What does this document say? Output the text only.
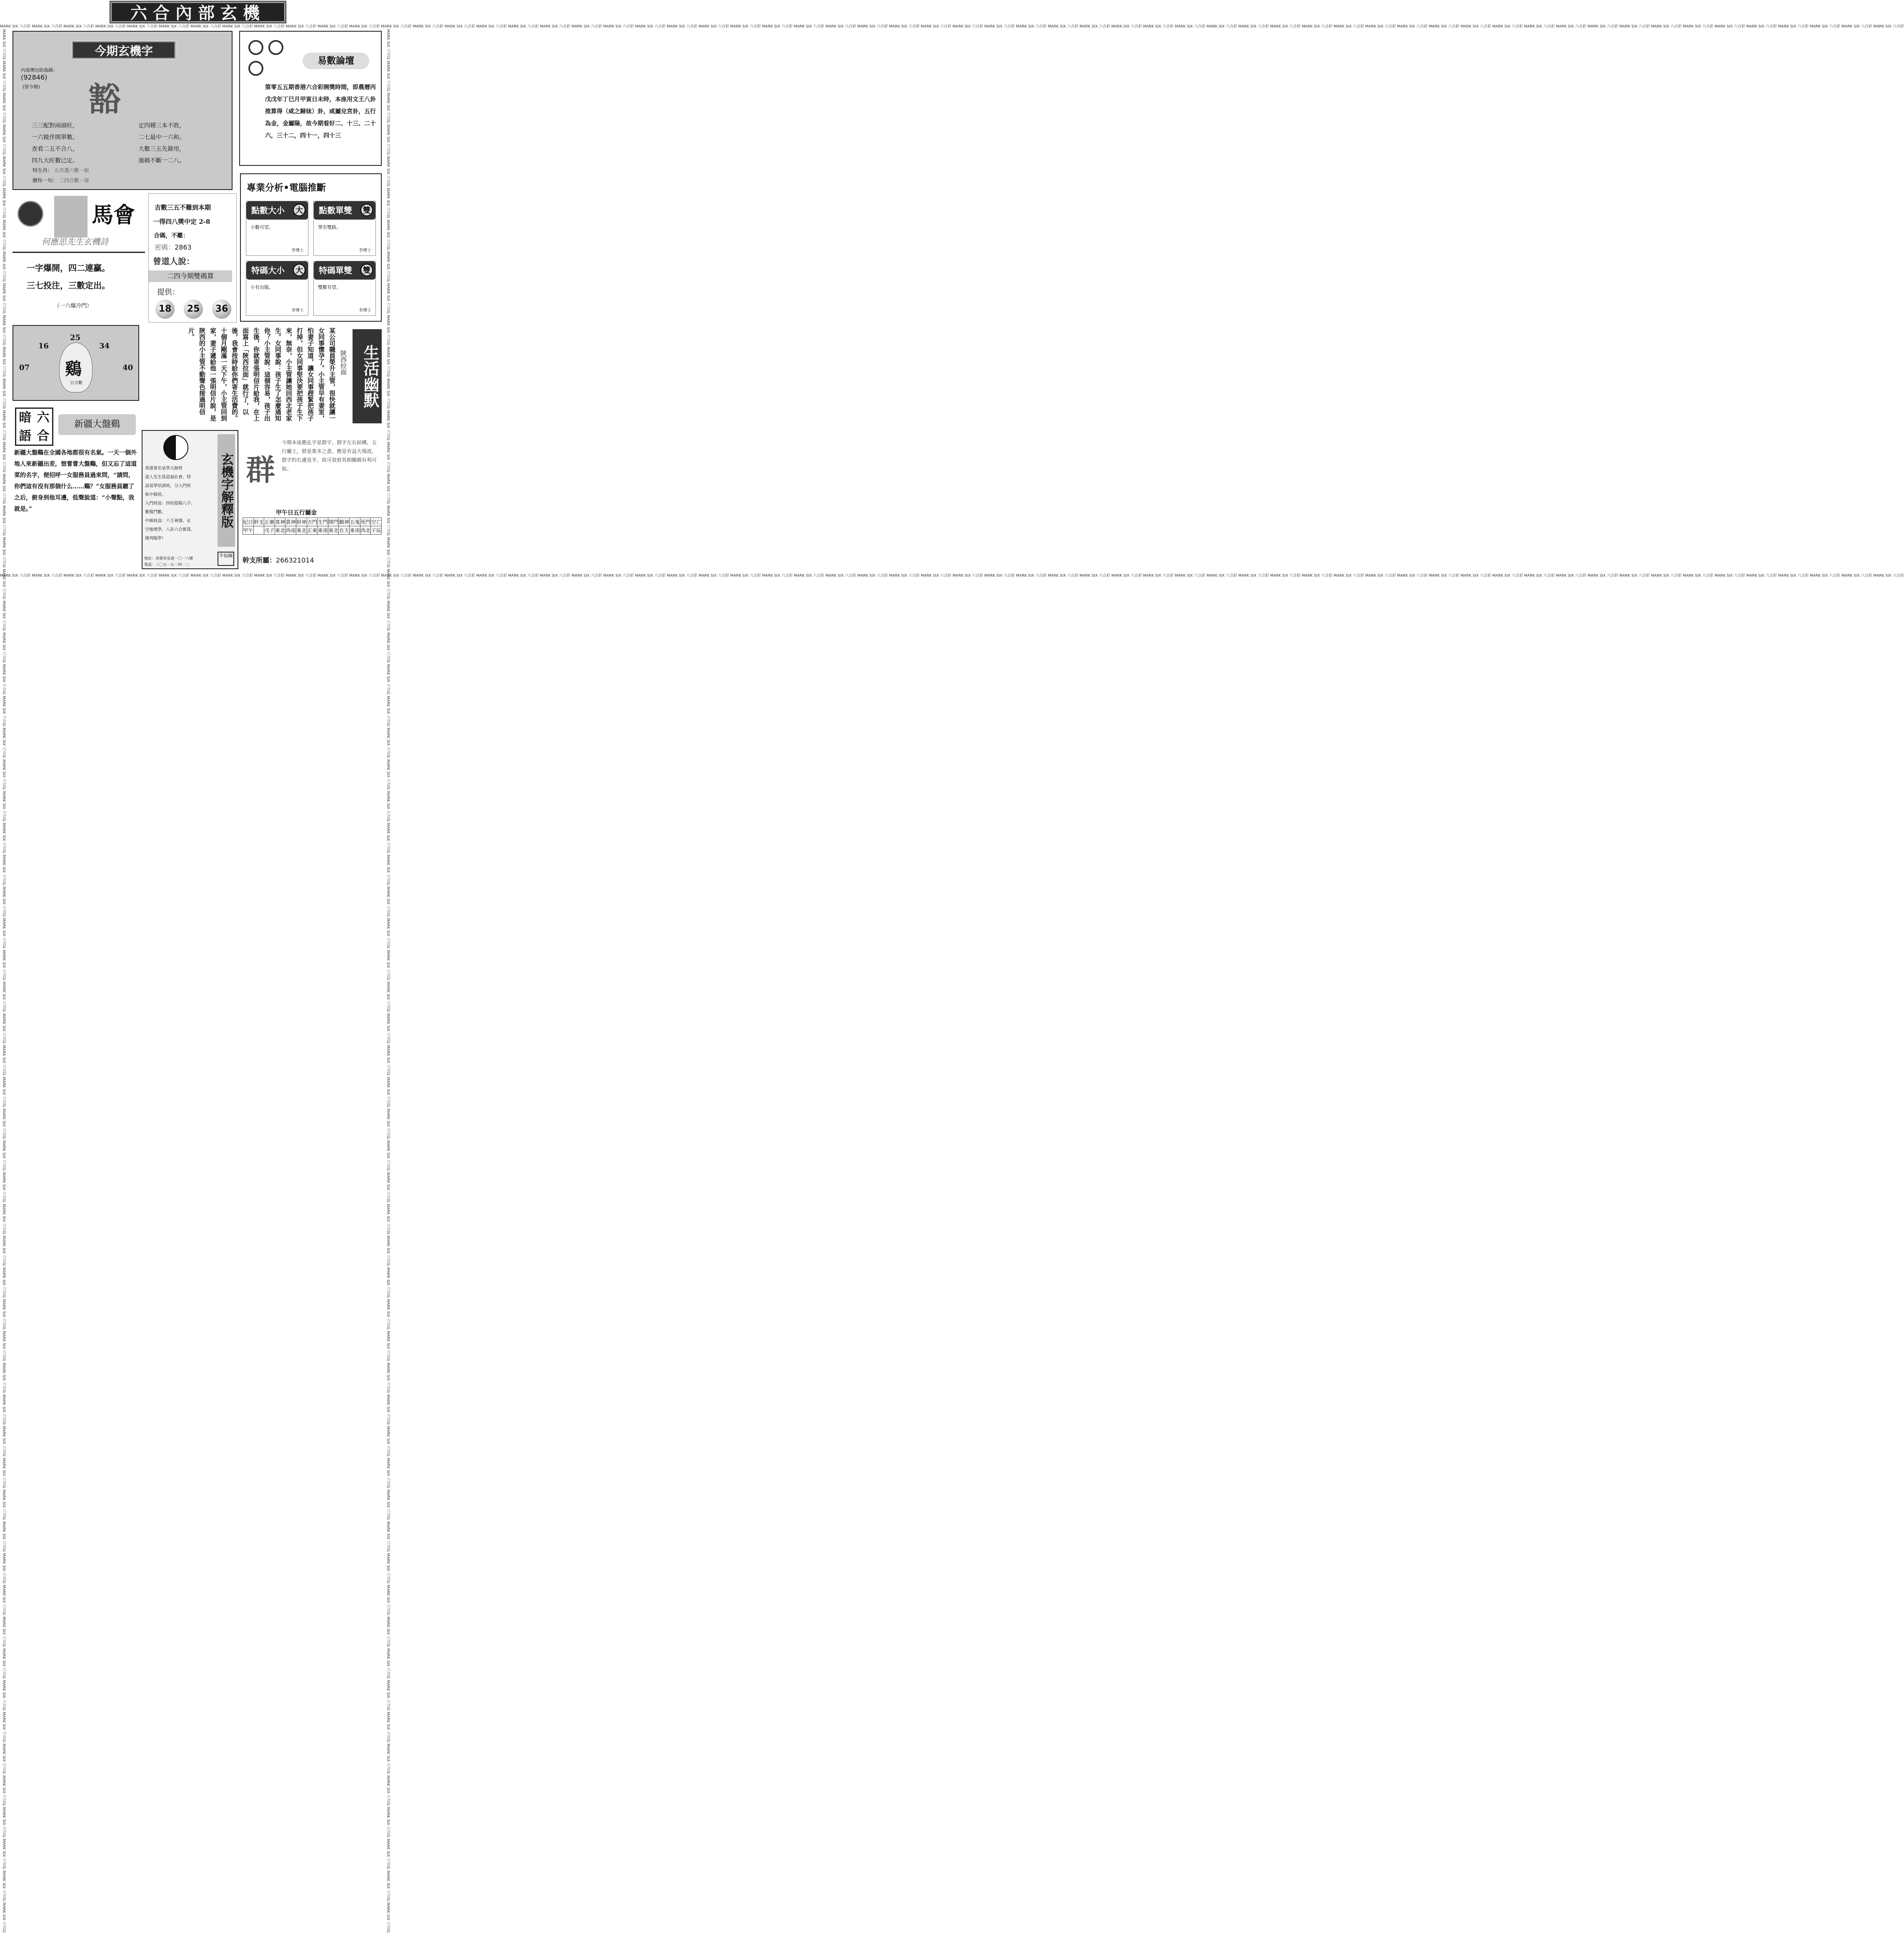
MARK SIX 六合彩 MARK SIX 六合彩 MARK SIX 六合彩 MARK SIX 六合彩 MARK SIX 六合彩 MARK SIX 六合彩 MARK SIX 六合彩 MARK SIX 六合彩 MARK SIX 六合彩 MARK SIX 六合彩 MARK SIX 六合彩 MARK SIX 六合彩 MARK SIX 六合彩 MARK SIX 六合彩 MARK SIX 六合彩 MARK SIX 六合彩 MARK SIX 六合彩 MARK SIX 六合彩 MARK SIX 六合彩 MARK SIX 六合彩 MARK SIX 六合彩 MARK SIX 六合彩 MARK SIX 六合彩 MARK SIX 六合彩 MARK SIX 六合彩 MARK SIX 六合彩 MARK SIX 六合彩 MARK SIX 六合彩 MARK SIX 六合彩 MARK SIX 六合彩 MARK SIX 六合彩 MARK SIX 六合彩 MARK SIX 六合彩 MARK SIX 六合彩 MARK SIX 六合彩 MARK SIX 六合彩 MARK SIX 六合彩 MARK SIX 六合彩 MARK SIX 六合彩 MARK SIX 六合彩 MARK SIX 六合彩 MARK SIX 六合彩 MARK SIX 六合彩 MARK SIX 六合彩 MARK SIX 六合彩 MARK SIX 六合彩 MARK SIX 六合彩 MARK SIX 六合彩 MARK SIX 六合彩 MARK SIX 六合彩 MARK SIX 六合彩 MARK SIX 六合彩 MARK SIX 六合彩 MARK SIX 六合彩 MARK SIX 六合彩 MARK SIX 六合彩 MARK SIX 六合彩 MARK SIX 六合彩 MARK SIX 六合彩 MARK SIX 六合彩
MARK SIX 六合彩 MARK SIX 六合彩 MARK SIX 六合彩 MARK SIX 六合彩 MARK SIX 六合彩 MARK SIX 六合彩 MARK SIX 六合彩 MARK SIX 六合彩 MARK SIX 六合彩 MARK SIX 六合彩 MARK SIX 六合彩 MARK SIX 六合彩 MARK SIX 六合彩 MARK SIX 六合彩 MARK SIX 六合彩 MARK SIX 六合彩 MARK SIX 六合彩 MARK SIX 六合彩 MARK SIX 六合彩 MARK SIX 六合彩 MARK SIX 六合彩 MARK SIX 六合彩 MARK SIX 六合彩 MARK SIX 六合彩 MARK SIX 六合彩 MARK SIX 六合彩 MARK SIX 六合彩 MARK SIX 六合彩 MARK SIX 六合彩 MARK SIX 六合彩 MARK SIX 六合彩 MARK SIX 六合彩 MARK SIX 六合彩 MARK SIX 六合彩 MARK SIX 六合彩 MARK SIX 六合彩 MARK SIX 六合彩 MARK SIX 六合彩 MARK SIX 六合彩 MARK SIX 六合彩 MARK SIX 六合彩 MARK SIX 六合彩 MARK SIX 六合彩 MARK SIX 六合彩 MARK SIX 六合彩 MARK SIX 六合彩 MARK SIX 六合彩 MARK SIX 六合彩 MARK SIX 六合彩 MARK SIX 六合彩 MARK SIX 六合彩 MARK SIX 六合彩 MARK SIX 六合彩 MARK SIX 六合彩 MARK SIX 六合彩 MARK SIX 六合彩 MARK SIX 六合彩 MARK SIX 六合彩 MARK SIX 六合彩 MARK SIX 六合彩
MARK SIX 六合彩 MARK SIX 六合彩 MARK SIX 六合彩 MARK SIX 六合彩 MARK SIX 六合彩 MARK SIX 六合彩 MARK SIX 六合彩 MARK SIX 六合彩 MARK SIX 六合彩 MARK SIX 六合彩 MARK SIX 六合彩 MARK SIX 六合彩 MARK SIX 六合彩 MARK SIX 六合彩 MARK SIX 六合彩 MARK SIX 六合彩 MARK SIX 六合彩 MARK SIX 六合彩 MARK SIX 六合彩 MARK SIX 六合彩 MARK SIX 六合彩 MARK SIX 六合彩 MARK SIX 六合彩 MARK SIX 六合彩 MARK SIX 六合彩 MARK SIX 六合彩 MARK SIX 六合彩 MARK SIX 六合彩 MARK SIX 六合彩 MARK SIX 六合彩 MARK SIX 六合彩 MARK SIX 六合彩 MARK SIX 六合彩 MARK SIX 六合彩 MARK SIX 六合彩 MARK SIX 六合彩 MARK SIX 六合彩 MARK SIX 六合彩 MARK SIX 六合彩 MARK SIX 六合彩 MARK SIX 六合彩 MARK SIX 六合彩 MARK SIX 六合彩 MARK SIX 六合彩 MARK SIX 六合彩 MARK SIX 六合彩 MARK SIX 六合彩 MARK SIX 六合彩 MARK SIX 六合彩 MARK SIX 六合彩 MARK SIX 六合彩 MARK SIX 六合彩 MARK SIX 六合彩 MARK SIX 六合彩 MARK SIX 六合彩 MARK SIX 六合彩 MARK SIX 六合彩 MARK SIX 六合彩 MARK SIX 六合彩 MARK SIX 六合彩	MARK SIX 六合彩 MARK SIX 六合彩 MARK SIX 六合彩 MARK SIX 六合彩 MARK SIX 六合彩 MARK SIX 六合彩 MARK SIX 六合彩 MARK SIX 六合彩 MARK SIX 六合彩 MARK SIX 六合彩 MARK SIX 六合彩 MARK SIX 六合彩 MARK SIX 六合彩 MARK SIX 六合彩 MARK SIX 六合彩 MARK SIX 六合彩 MARK SIX 六合彩 MARK SIX 六合彩 MARK SIX 六合彩 MARK SIX 六合彩 MARK SIX 六合彩 MARK SIX 六合彩 MARK SIX 六合彩 MARK SIX 六合彩 MARK SIX 六合彩 MARK SIX 六合彩 MARK SIX 六合彩 MARK SIX 六合彩 MARK SIX 六合彩 MARK SIX 六合彩 MARK SIX 六合彩 MARK SIX 六合彩 MARK SIX 六合彩 MARK SIX 六合彩 MARK SIX 六合彩 MARK SIX 六合彩 MARK SIX 六合彩 MARK SIX 六合彩 MARK SIX 六合彩 MARK SIX 六合彩 MARK SIX 六合彩 MARK SIX 六合彩 MARK SIX 六合彩 MARK SIX 六合彩 MARK SIX 六合彩 MARK SIX 六合彩 MARK SIX 六合彩 MARK SIX 六合彩 MARK SIX 六合彩 MARK SIX 六合彩 MARK SIX 六合彩 MARK SIX 六合彩 MARK SIX 六合彩 MARK SIX 六合彩 MARK SIX 六合彩 MARK SIX 六合彩 MARK SIX 六合彩 MARK SIX 六合彩 MARK SIX 六合彩 MARK SIX 六合彩
六合內部玄機
今期玄機字
內部傳出防偽碼：
(92846)
(管今期) 豁
三三配對兩頭旺，
一六做伴開單數。
查看二五不合八，
四九大旺數已定。
定四種三本不敗，
二七最中一六和。
大數三五先錄用，
連碼不斷一二八。
特生肖： 五肖選六數一組
贈你一句： 三四合數一尾
易數論壇
第零五五期香港六合彩開獎時間，即農曆丙戊戊年丁巳月甲寅日未時，本座用文王八卦推算得（咸之歸妹）卦，咸屬兌宮卦，五行為金，金屬陽，故今期看好二、十三、二十六，三十二，四十一，四十三
馬會
何應思先生玄機詩
一字爆開，四二連贏。
三七投注，三數定出。
（一六爆冷門）
吉數三五不難到本期
一得四八獎中定 2-8
合碼，不離：
密碼：2863
曾道人說：
二四今期雙碼算
提供：
18	25	36
專業分析•電腦推斷
點數大小	大
小數可望。
李博士
點數單雙	雙
單有雙路。
李博士
特碼大小	大
小有出服。
李博士
特碼單雙	雙
雙數有望。
李博士
07
16
25
34
40
鷄
日吉數	某公司職員榮升主管，很快就讓一女同事懷孕了。小主管早有妻室，怕妻子知道，讓女同事趕緊把孩子打掉，但女同事堅決要把孩子生下來，無奈，小主管讓她回西北老家生。女同事說：孩子生了怎麼通知你？小主管說：這個容易，孩子出生後，你就寄張明信片給我，在上面寫上「陝西拉面」就行了，以後，我會按時給你們寄生活費的。十個月剛滿一天下午，小主管回到家，妻子遞給他一張明信片說，是陝西的小主管不動聲色接過明信片。
陝西拉面 生活幽默
暗 六
語 合
新疆大盤鷄
新疆大盤鷄在全國各地都很有名氣。一天一個外地人來新疆出差，想嘗嘗大盤鷄，但又忘了這道菜的名字，便招呼一女服務員過來問，“請問，你們這有沒有那個什么……鷄？”女服務員聽了之后，俯身到他耳邊，低聲說道：“小聲點，我就是。”
香港著名易學大師曾
道人先生爲造福社會，特
設易學培訓班，分入門班
和中級班。
入門班設：四柱陰陽八字、
紫微鬥數。
中級班設：六壬神課、玄
空地理學、八卦六合推算。
簡列陽學！
地址：香港英皇道一〇一六號
電話：三〇五一五一四一二
玄機字解釋版
半仙陳
群
今期本座應乩字是群字，群字左右結構，五行屬土，群是衆多之意，應是有益大場波，群字的右邊是羊，故可放射其相關碼有利可取。
甲午日五行屬金
紀日	幹支	正衝	喜神	貴神	財神	吉門	生門	開門	鶴神	五鬼	死門	空亡
甲午		戊子	東北	西南	東北	正東	東南	東北	在天	東南	西北	子辰
幹支所屬：266321014
